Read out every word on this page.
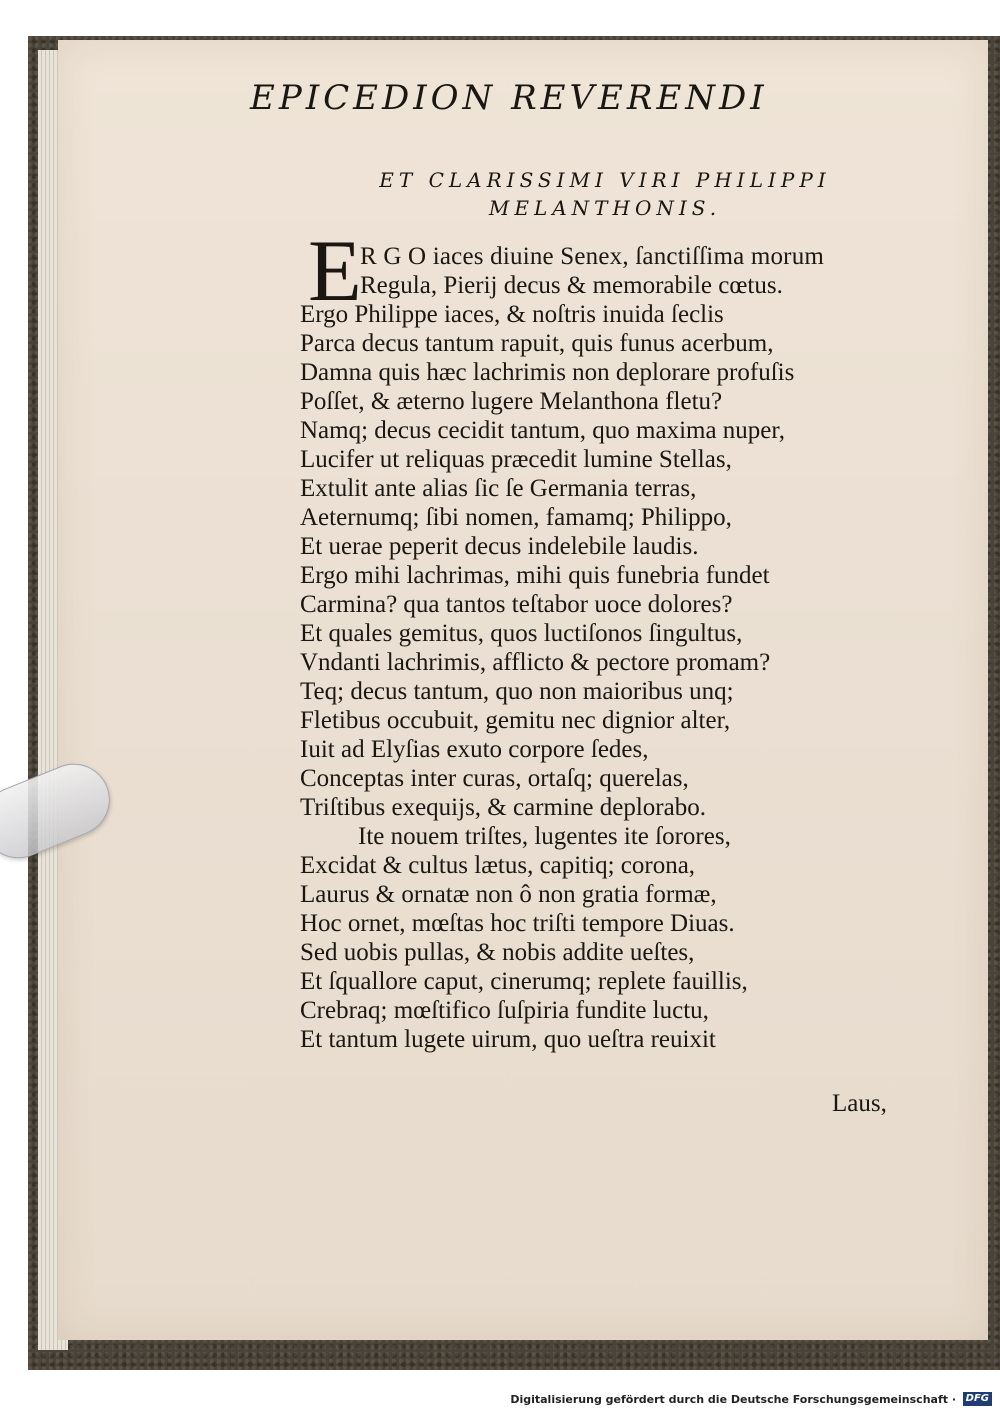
EPICEDION REVERENDI
ET CLARISSIMI VIRI PHILIPPI
MELANTHONIS.
E
R G O iaces diuine Senex, ſanctiſſima morum
Regula, Pierij decus & memorabile cœtus.
Ergo Philippe iaces, & noſtris inuida ſeclis
Parca decus tantum rapuit, quis funus acerbum,
Damna quis hæc lachrimis non deplorare profuſis
Poſſet, & æterno lugere Melanthona fletu?
Namq; decus cecidit tantum, quo maxima nuper,
Lucifer ut reliquas præcedit lumine Stellas,
Extulit ante alias ſic ſe Germania terras,
Aeternumq; ſibi nomen, famamq; Philippo,
Et uerae peperit decus indelebile laudis.
Ergo mihi lachrimas, mihi quis funebria fundet
Carmina? qua tantos teſtabor uoce dolores?
Et quales gemitus, quos luctiſonos ſingultus,
Vndanti lachrimis, afflicto & pectore promam?
Teq; decus tantum, quo non maioribus unq;
Fletibus occubuit, gemitu nec dignior alter,
Iuit ad Elyſias exuto corpore ſedes,
Conceptas inter curas, ortaſq; querelas,
Triſtibus exequijs, & carmine deplorabo.
Ite nouem triſtes, lugentes ite ſorores,
Excidat & cultus lætus, capitiq; corona,
Laurus & ornatæ non ô non gratia formæ,
Hoc ornet, mœſtas hoc triſti tempore Diuas.
Sed uobis pullas, & nobis addite ueſtes,
Et ſquallore caput, cinerumq; replete fauillis,
Crebraq; mœſtifico ſuſpiria fundite luctu,
Et tantum lugete uirum, quo ueſtra reuixit
Laus,
Digitalisierung gefördert durch die Deutsche Forschungsgemeinschaft · DFG
